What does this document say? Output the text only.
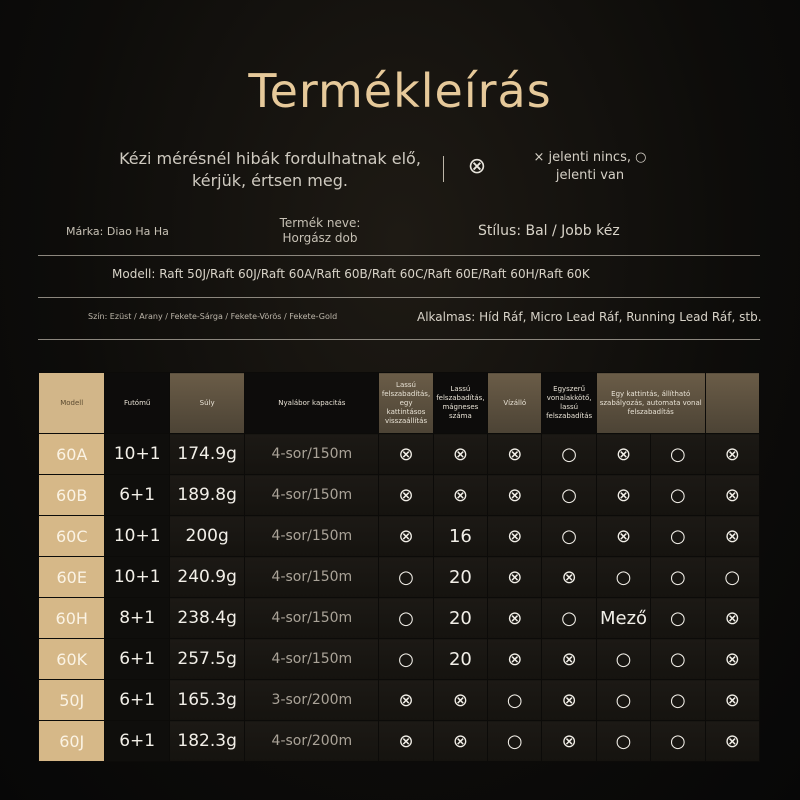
Termékleírás
Kézi mérésnél hibák fordulhatnak elő, kérjük, értsen meg.
⊗	× jelenti nincs, ○ jelenti van
Márka: Diao Ha Ha
Termék neve: Horgász dob	Stílus: Bal / Jobb kéz
Modell: Raft 50J/Raft 60J/Raft 60A/Raft 60B/Raft 60C/Raft 60E/Raft 60H/Raft 60K
Szín: Ezüst / Arany / Fekete-Sárga / Fekete-Vörös / Fekete-Gold	Alkalmas: Híd Ráf, Micro Lead Ráf, Running Lead Ráf, stb.
Modell	Futómű	Súly	Nyalábor kapacitás	Lassú felszabadítás, egy kattintásos visszaállítás	Lassú felszabadítás, mágneses száma	Vízálló	Egyszerű vonalakkötő, lassú felszabadítás	Egy kattintás, állítható szabályozás, automata vonal felszabadítás		
60A	10+1	174.9g	4-sor/150m	⊗	⊗	⊗	○	⊗	○	⊗
60B	6+1	189.8g	4-sor/150m	⊗	⊗	⊗	○	⊗	○	⊗
60C	10+1	200g	4-sor/150m	⊗	16	⊗	○	⊗	○	⊗
60E	10+1	240.9g	4-sor/150m	○	20	⊗	⊗	○	○	○
60H	8+1	238.4g	4-sor/150m	○	20	⊗	○	Mező	○	⊗
60K	6+1	257.5g	4-sor/150m	○	20	⊗	⊗	○	○	⊗
50J	6+1	165.3g	3-sor/200m	⊗	⊗	○	⊗	○	○	⊗
60J	6+1	182.3g	4-sor/200m	⊗	⊗	○	⊗	○	○	⊗
